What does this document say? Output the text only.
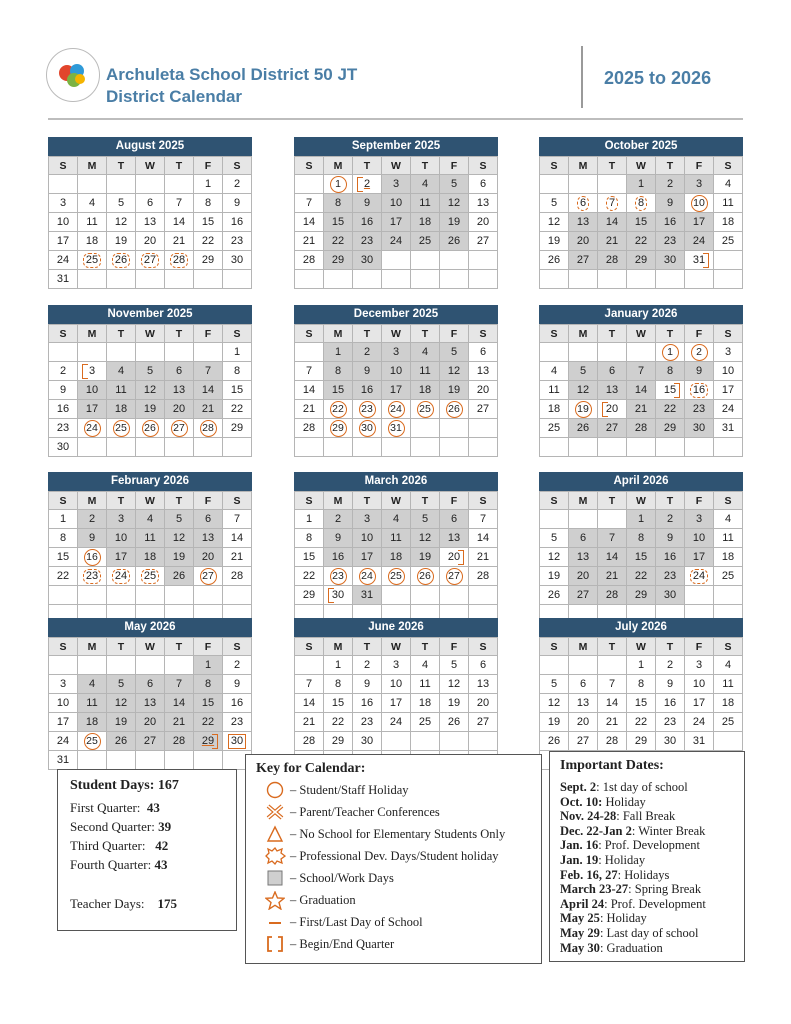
Archuleta School District 50 JT
District Calendar
2025 to 2026
August 2025
S	M	T	W	T	F	S
					1	2
3	4	5	6	7	8	9
10	11	12	13	14	15	16
17	18	19	20	21	22	23
24	25	26	27	28	29	30
31						
September 2025
S	M	T	W	T	F	S
	1	2	3	4	5	6
7	8	9	10	11	12	13
14	15	16	17	18	19	20
21	22	23	24	25	26	27
28	29	30				

October 2025
S	M	T	W	T	F	S
			1	2	3	4
5	6	7	8	9	10	11
12	13	14	15	16	17	18
19	20	21	22	23	24	25
26	27	28	29	30	31	

November 2025
S	M	T	W	T	F	S
						1
2	3	4	5	6	7	8
9	10	11	12	13	14	15
16	17	18	19	20	21	22
23	24	25	26	27	28	29
30						
December 2025
S	M	T	W	T	F	S
	1	2	3	4	5	6
7	8	9	10	11	12	13
14	15	16	17	18	19	20
21	22	23	24	25	26	27
28	29	30	31			

January 2026
S	M	T	W	T	F	S
				1	2	3
4	5	6	7	8	9	10
11	12	13	14	15	16	17
18	19	20	21	22	23	24
25	26	27	28	29	30	31

February 2026
S	M	T	W	T	F	S
1	2	3	4	5	6	7
8	9	10	11	12	13	14
15	16	17	18	19	20	21
22	23	24	25	26	27	28

March 2026
S	M	T	W	T	F	S
1	2	3	4	5	6	7
8	9	10	11	12	13	14
15	16	17	18	19	20	21
22	23	24	25	26	27	28
29	30	31				

April 2026
S	M	T	W	T	F	S
			1	2	3	4
5	6	7	8	9	10	11
12	13	14	15	16	17	18
19	20	21	22	23	24	25
26	27	28	29	30		

May 2026
S	M	T	W	T	F	S
					1	2
3	4	5	6	7	8	9
10	11	12	13	14	15	16
17	18	19	20	21	22	23
24	25	26	27	28	29	30
31						
June 2026
S	M	T	W	T	F	S
	1	2	3	4	5	6
7	8	9	10	11	12	13
14	15	16	17	18	19	20
21	22	23	24	25	26	27
28	29	30				

July 2026
S	M	T	W	T	F	S
			1	2	3	4
5	6	7	8	9	10	11
12	13	14	15	16	17	18
19	20	21	22	23	24	25
26	27	28	29	30	31	

Student Days: 167
First Quarter: 43
Second Quarter: 39
Third Quarter: 42
Fourth Quarter: 43
Teacher Days: 175
Key for Calendar:
– Student/Staff Holiday
– Parent/Teacher Conferences
– No School for Elementary Students Only
– Professional Dev. Days/Student holiday
– School/Work Days
– Graduation
– First/Last Day of School
– Begin/End Quarter
Important Dates:
Sept. 2: 1st day of school
Oct. 10: Holiday
Nov. 24-28: Fall Break
Dec. 22-Jan 2: Winter Break
Jan. 16: Prof. Development
Jan. 19: Holiday
Feb. 16, 27: Holidays
March 23-27: Spring Break
April 24: Prof. Development
May 25: Holiday
May 29: Last day of school
May 30: Graduation
